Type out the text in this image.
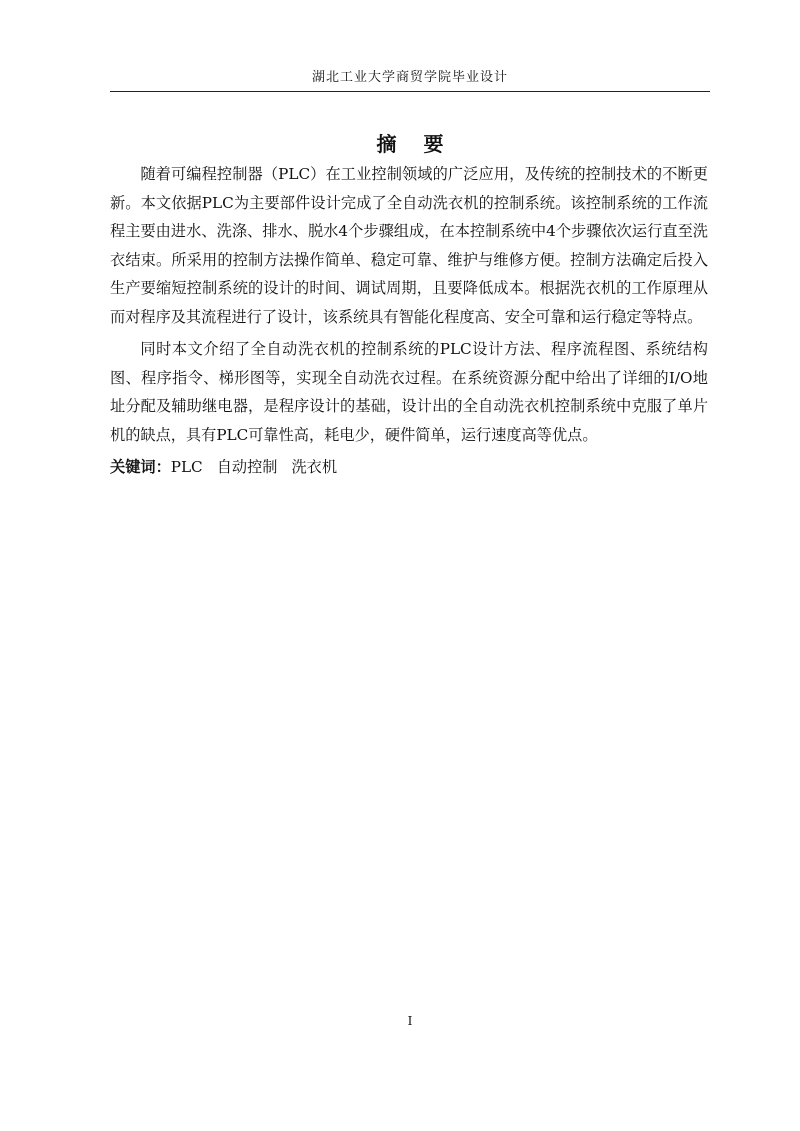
湖北工业大学商贸学院毕业设计
摘 要

随着可编程控制器（PLC）在工业控制领域的广泛应用，及传统的控制技术的不断更新。本文依据PLC为主要部件设计完成了全自动洗衣机的控制系统。该控制系统的工作流程主要由进水、洗涤、排水、脱水4个步骤组成，在本控制系统中4个步骤依次运行直至洗衣结束。所采用的控制方法操作简单、稳定可靠、维护与维修方便。控制方法确定后投入生产要缩短控制系统的设计的时间、调试周期，且要降低成本。根据洗衣机的工作原理从而对程序及其流程进行了设计，该系统具有智能化程度高、安全可靠和运行稳定等特点。

同时本文介绍了全自动洗衣机的控制系统的PLC设计方法、程序流程图、系统结构图、程序指令、梯形图等，实现全自动洗衣过程。在系统资源分配中给出了详细的I/O地址分配及辅助继电器，是程序设计的基础，设计出的全自动洗衣机控制系统中克服了单片机的缺点，具有PLC可靠性高，耗电少，硬件简单，运行速度高等优点。

关键词：PLC 自动控制 洗衣机
I
